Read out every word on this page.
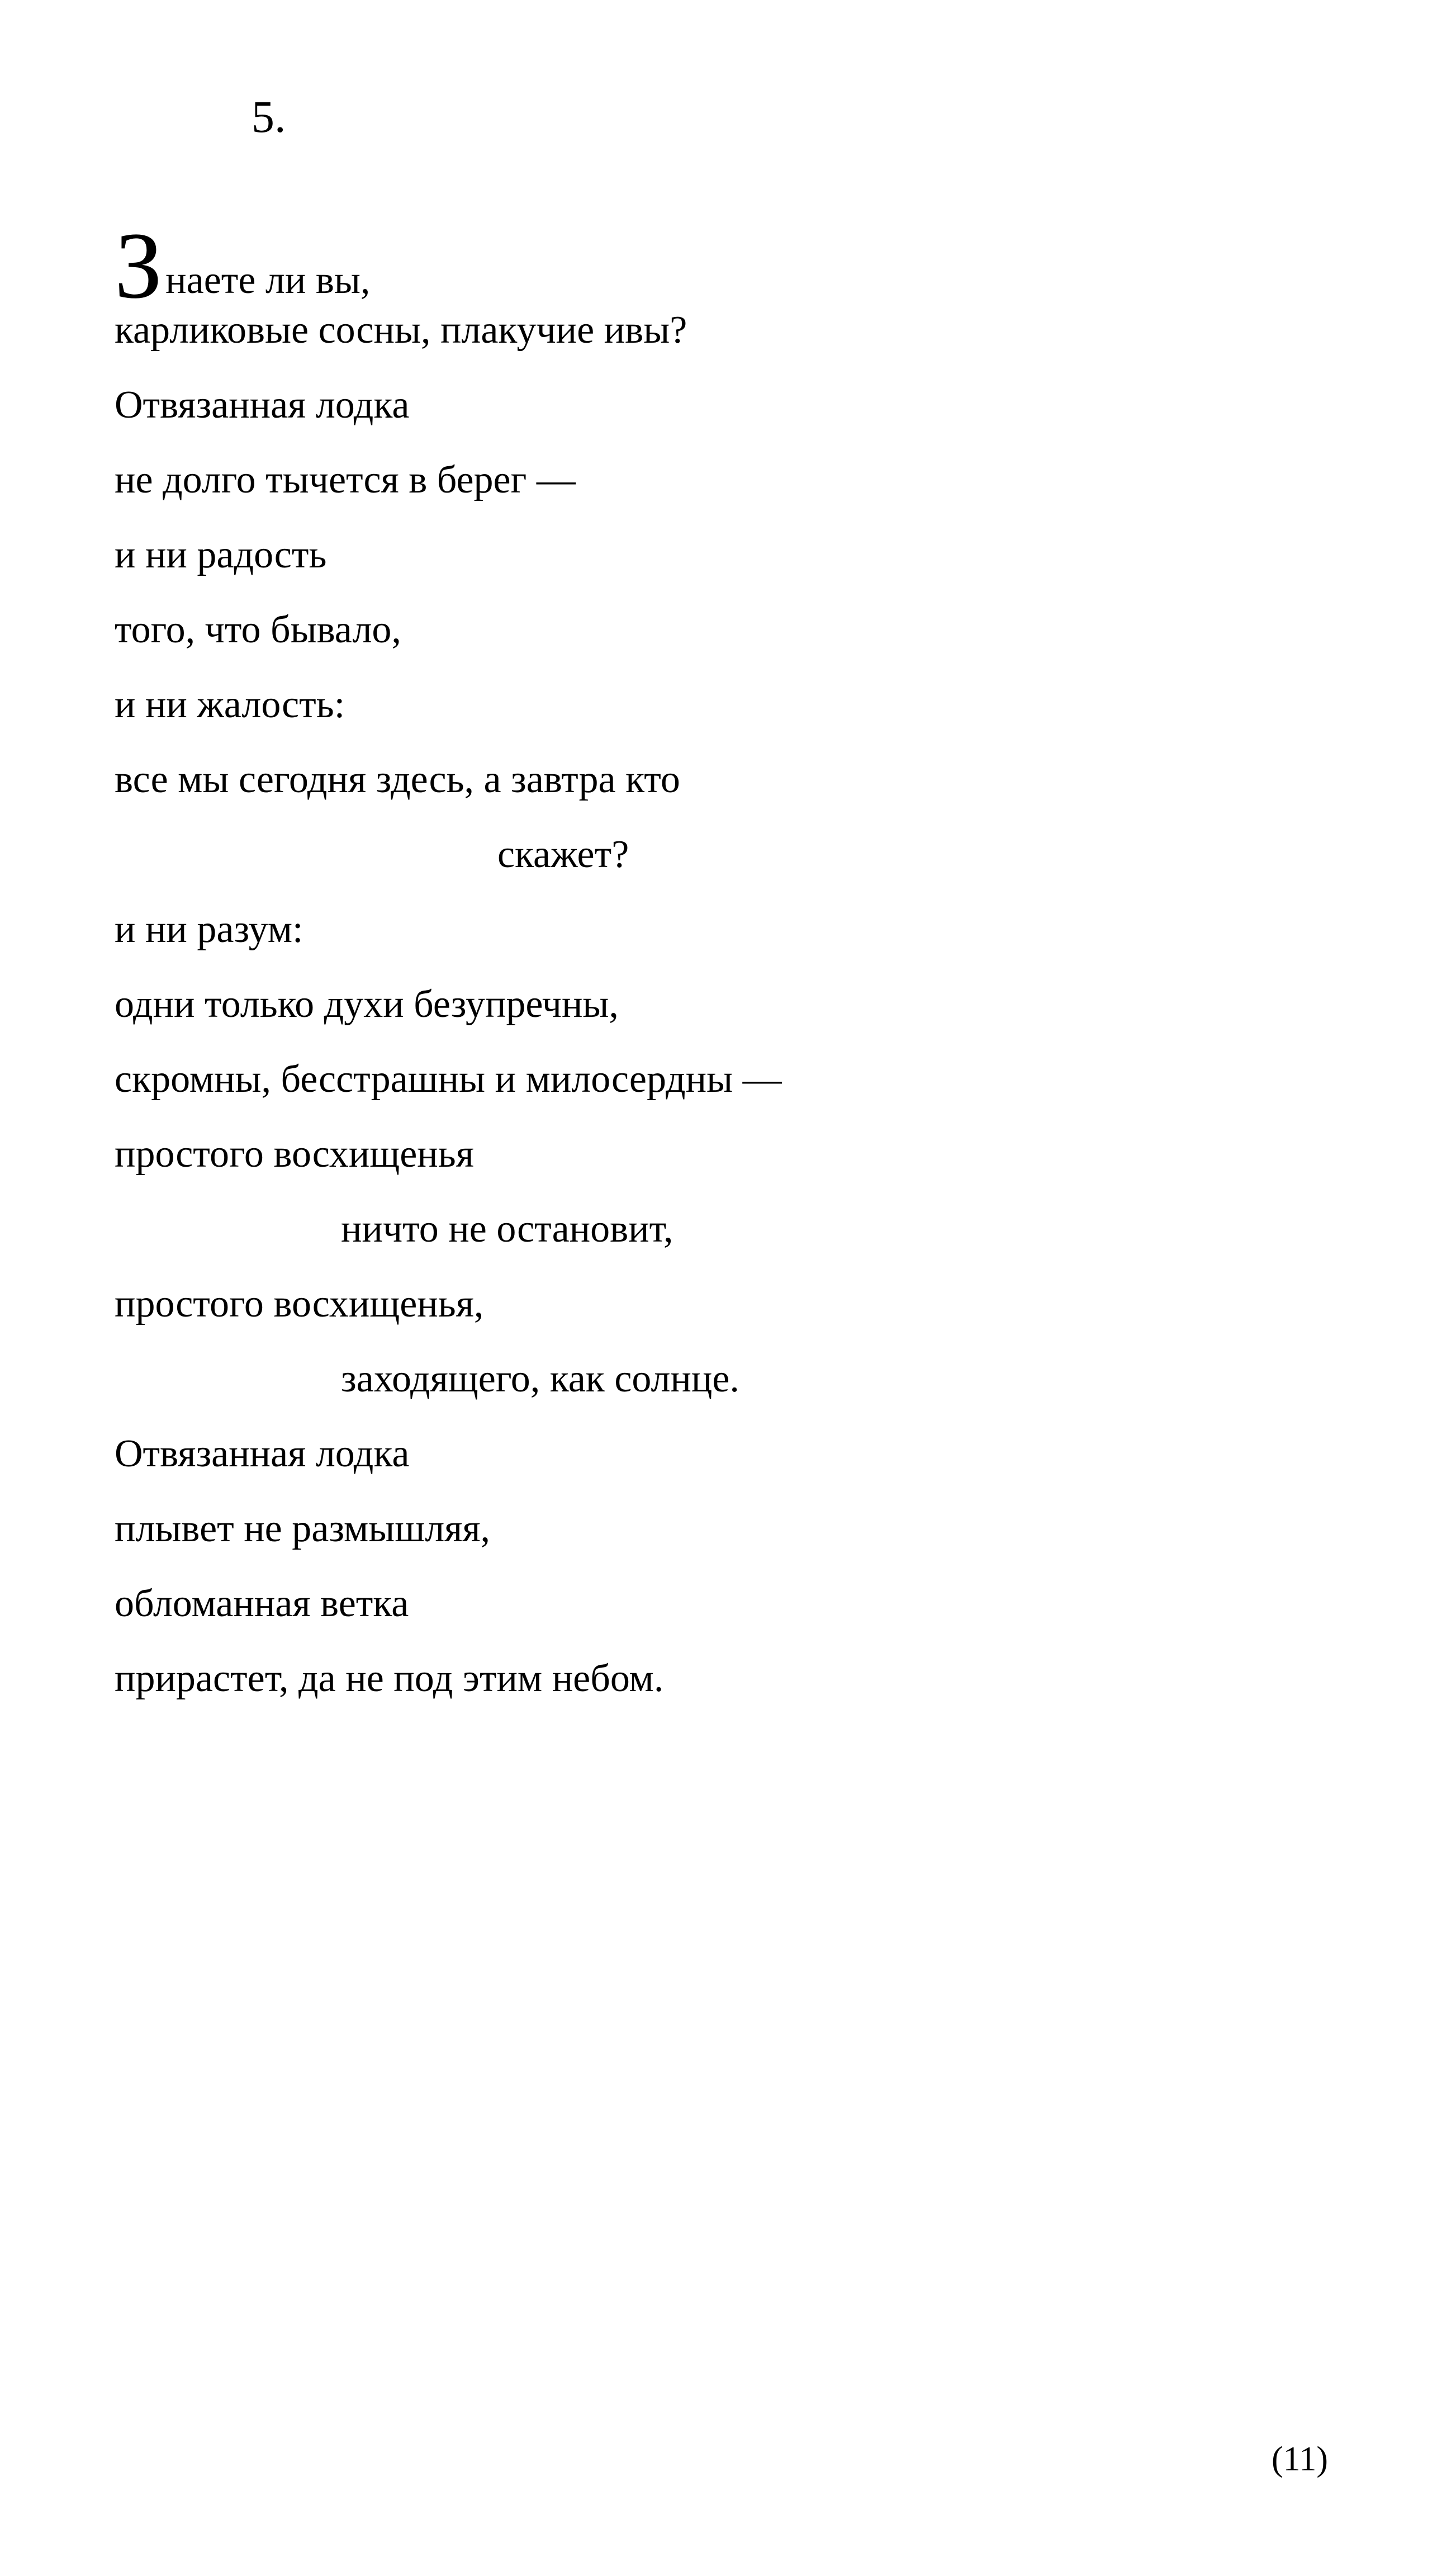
5.
Знаете ли вы,
карликовые сосны, плакучие ивы?
Отвязанная лодка
не долго тычется в берег —
и ни радость
того, что бывало,
и ни жалость:
все мы сегодня здесь, а завтра кто
скажет?
и ни разум:
одни только духи безупречны,
скромны, бесстрашны и милосердны —
простого восхищенья
ничто не остановит,
простого восхищенья,
заходящего, как солнце.
Отвязанная лодка
плывет не размышляя,
обломанная ветка
прирастет, да не под этим небом.
(11)
